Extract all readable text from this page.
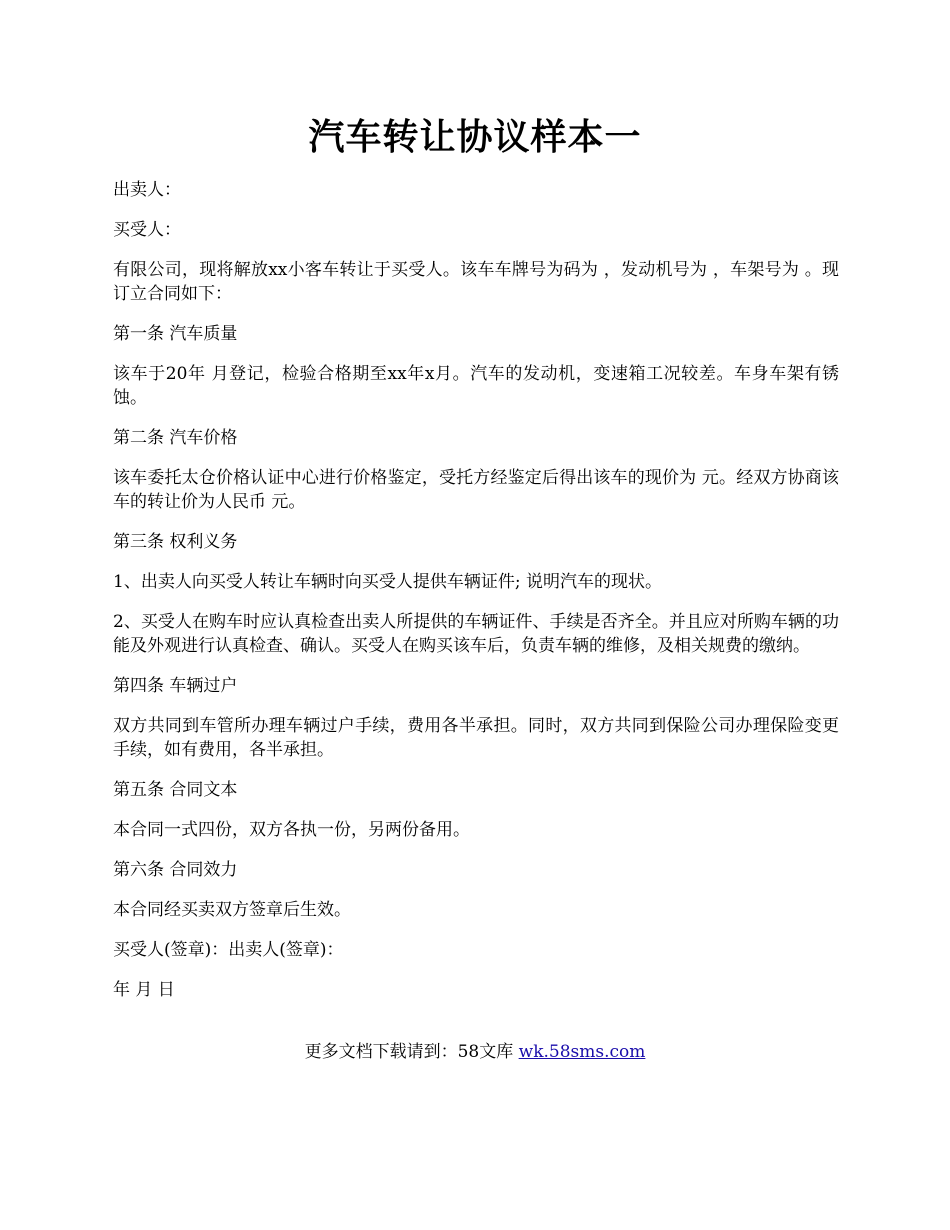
汽车转让协议样本一

出卖人：

买受人：

有限公司，现将解放xx小客车转让于买受人。该车车牌号为码为 ，发动机号为 ，车架号为 。现订立合同如下：

第一条 汽车质量

该车于20年 月登记，检验合格期至xx年x月。汽车的发动机，变速箱工况较差。车身车架有锈蚀。

第二条 汽车价格

该车委托太仓价格认证中心进行价格鉴定，受托方经鉴定后得出该车的现价为 元。经双方协商该车的转让价为人民币 元。

第三条 权利义务

1、出卖人向买受人转让车辆时向买受人提供车辆证件; 说明汽车的现状。

2、买受人在购车时应认真检查出卖人所提供的车辆证件、手续是否齐全。并且应对所购车辆的功能及外观进行认真检查、确认。买受人在购买该车后，负责车辆的维修，及相关规费的缴纳。

第四条 车辆过户

双方共同到车管所办理车辆过户手续，费用各半承担。同时，双方共同到保险公司办理保险变更手续，如有费用，各半承担。

第五条 合同文本

本合同一式四份，双方各执一份，另两份备用。

第六条 合同效力

本合同经买卖双方签章后生效。

买受人(签章)：出卖人(签章)：

年 月 日

更多文档下载请到：58文库 wk.58sms.com
